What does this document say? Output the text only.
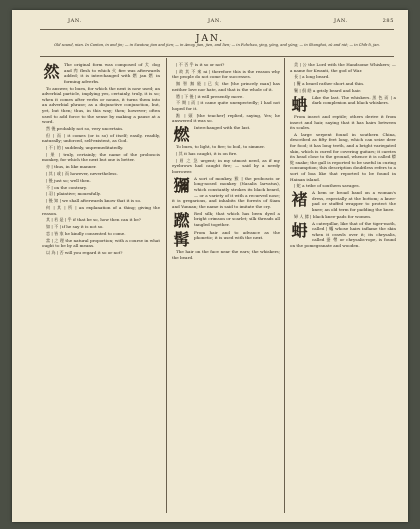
JAN.	JAN.	JAN.	285
JAN.
Old sound, nian. In Canton, in and jin; — in Swatow, jian and jien; — in Amoy, jian, jien, and lien; — in Fuhchau, ying, yöng, and yüng; — in Shanghai, zü and nié; — in Chih-li, jan.
然	The original form was composed of 犬 dog and 肉 flesh to which 火 fire was afterwards added; it is interchanged with 燃 jan 燃 in forming adverbs.
To answer, to burn, for which the next is now used; an adverbial particle, implying yes, certainly, truly, it is so; when it comes after verbs or nouns, it turns them into an adverbial phrase; as a disjunctive conjunction, but, yet, but then; thus, in this way; then; however; often used to add force to the sense by making a pause at a word.
然 後 probably not so, very uncertain.
但 | 而 | it comes (or is so) of itself; easily, readily, naturally; unforced, self-existent, as God.
| 不 | 的 | suddenly, unpremeditatedly.
| 果 | truly, certainly; the name of the proboscis monkey, for which the next but one is better.
亦 | thus, in like manner.
| 其 | 或 | 而 however, nevertheless.
| 後 just so; well then.
不 | on the contrary.
| 羽 | plaintive; mournfully.
| 後 知 | we shall afterwards know that it is so.
何 | 其 | 所 | an explanation of a thing; giving the reason.
其 | 若 是 | 乎 if that be so, how then can it be?
如 | 不 | if he say it is not so.
恋 | 皆 家 he kindly consented to come.
當 | 之 理 the natural proportion; with a course in what ought to be by all means.
以 為 | 否 will you regard it so or not?
| 不 否 乎 is it so or not?
| 故 其 不 來 ni | therefore this is the reason why the people do not come for successes.
無 智 無 能 | 已 矣 the [the princely man] has neither love nor hate, and that is the whole of it.
將 | 下 後 | it will presently move.
不 期 | 而 | it came quite unexpectedly; I had not hoped for it.
點 | 頭 [the teacher] replied, saying, Yes; he answered it was so.
燃	Interchanged with the last.
To burn, to light, to fire; to boil, to simmer.
| 其 it has caught, it is on fire.
| 眉 之 急 urgent; in my utmost need, as if my eyebrows had caught fire; — said by a needy borrower.
獼	A sort of monkey, 猴 | the proboscis or long-nosed monkey (Nasalis larvatus), which constantly strokes its black beard, — or a variety of it with a recurved nose; it is gregarious, and inhabits the forests of Siam and Yunnan; the name is said to imitate the cry.
蹨	Red silk; that which has been dyed a bright crimson or scarlet; silk threads all tangled together.
髯	From hair and to advance as the phonetic; it is used with the next.
The hair on the face near the ears; the whiskers; the beard.
美 | 公 the Lord with the Handsome Whiskers; — a name for Kwanti, the god of War.
長 | a long beard.
| 鬢 a beard rather short and thin.
鬢 | 俱 皓 a grisly beard and hair.
蚺	Like the last. The whiskers. 黑 色 而 | a dark complexion and black whiskers.
From insect and reptile; others derive it from insect and hair, saying that it has hairs between its scales.
A large serpent found in southern China, described as fifty feet long, which can seize deer for food; it has long teeth, and a bright variegated skin, which is cured for covering guitars; it carries its head close to the ground, whence it is called 蟒 蛇 snake; the gall is reported to be useful in curing consumption; this description doubtless refers to a sort of boa like that reported to be found in Hainan island.
| 蛇 a tribe of southern savages.
褚	A hem or broad band on a woman's dress, especially at the bottom; a knee-pad or stuffed wrapper to protect the knee; an old term for padding the knee.
婦 人 膝 | black knee-pads for women.
蚦	A caterpillar, like that of the tiger-moth, called | 蟻 whose hairs inflame the skin when it crawls over it; its chrysalis, called 蚕 帶 or chrysalis-rope, is found on the pomegranate and wooden.
